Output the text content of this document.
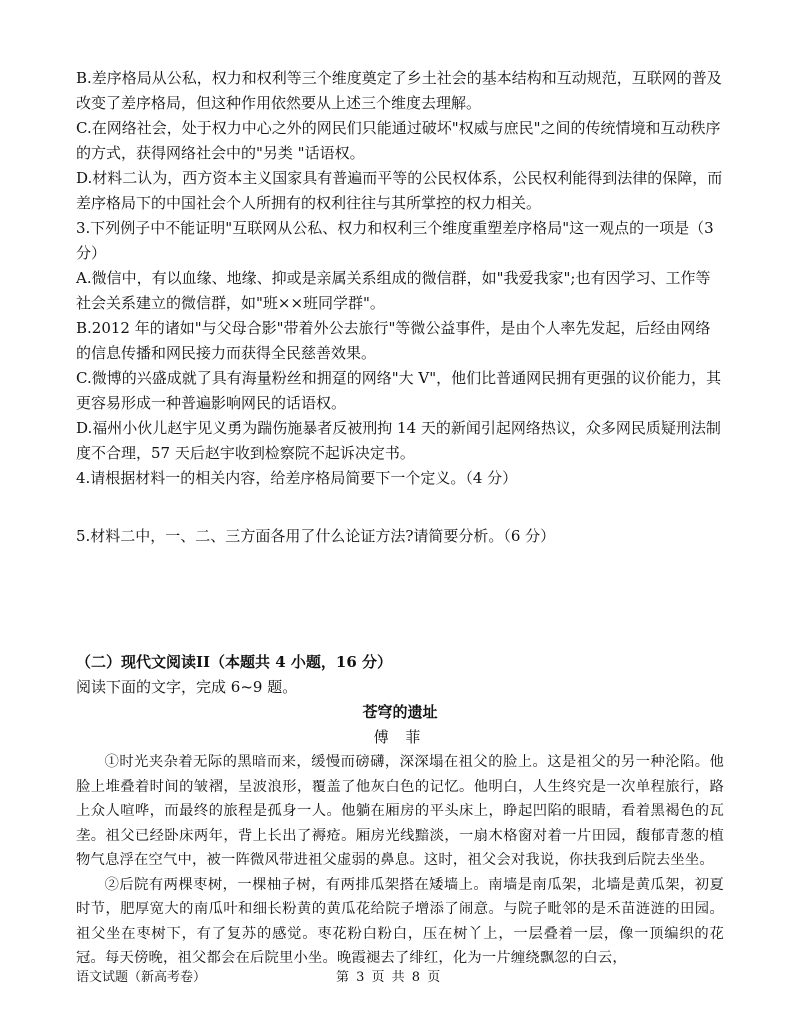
B.差序格局从公私，权力和权利等三个维度奠定了乡土社会的基本结构和互动规范，互联网的普及改变了差序格局，但这种作用依然要从上述三个维度去理解。

C.在网络社会，处于权力中心之外的网民们只能通过破坏"权威与庶民"之间的传统情境和互动秩序的方式，获得网络社会中的"另类 "话语权。

D.材料二认为，西方资本主义国家具有普遍而平等的公民权体系，公民权利能得到法律的保障，而差序格局下的中国社会个人所拥有的权利往往与其所掌控的权力相关。

3.下列例子中不能证明"互联网从公私、权力和权利三个维度重塑差序格局"这一观点的一项是（3分）

A.微信中，有以血缘、地缘、抑或是亲属关系组成的微信群，如"我爱我家";也有因学习、工作等社会关系建立的微信群，如"班××班同学群"。

B.2012 年的诸如"与父母合影"带着外公去旅行"等微公益事件，是由个人率先发起，后经由网络的信息传播和网民接力而获得全民慈善效果。

C.微博的兴盛成就了具有海量粉丝和拥趸的网络"大 V"，他们比普通网民拥有更强的议价能力，其更容易形成一种普遍影响网民的话语权。

D.福州小伙儿赵宇见义勇为踹伤施暴者反被刑拘 14 天的新闻引起网络热议，众多网民质疑刑法制度不合理，57 天后赵宇收到检察院不起诉决定书。

4.请根据材料一的相关内容，给差序格局简要下一个定义。（4 分）

5.材料二中，一、二、三方面各用了什么论证方法?请简要分析。（6 分）

（二）现代文阅读II（本题共 4 小题，16 分）

阅读下面的文字，完成 6~9 题。

苍穹的遗址

傅 菲

①时光夹杂着无际的黑暗而来，缓慢而磅礴，深深塌在祖父的脸上。这是祖父的另一种沦陷。他脸上堆叠着时间的皱褶，呈波浪形，覆盖了他灰白色的记忆。他明白，人生终究是一次单程旅行，路上众人喧哗，而最终的旅程是孤身一人。他躺在厢房的平头床上，睁起凹陷的眼睛，看着黑褐色的瓦垄。祖父已经卧床两年，背上长出了褥疮。厢房光线黯淡，一扇木格窗对着一片田园，馥郁青葱的植物气息浮在空气中，被一阵微风带进祖父虚弱的鼻息。这时，祖父会对我说，你扶我到后院去坐坐。

②后院有两棵枣树，一棵柚子树，有两排瓜架搭在矮墙上。南墙是南瓜架，北墙是黄瓜架，初夏时节，肥厚宽大的南瓜叶和细长粉黄的黄瓜花给院子增添了闹意。与院子毗邻的是禾苗涟涟的田园。祖父坐在枣树下，有了复苏的感觉。枣花粉白粉白，压在树丫上，一层叠着一层，像一顶编织的花冠。每天傍晚，祖父都会在后院里小坐。晚霞褪去了绯红，化为一片缠绕飘忽的白云，

语文试题（新高考卷）	第 3 页 共 8 页
